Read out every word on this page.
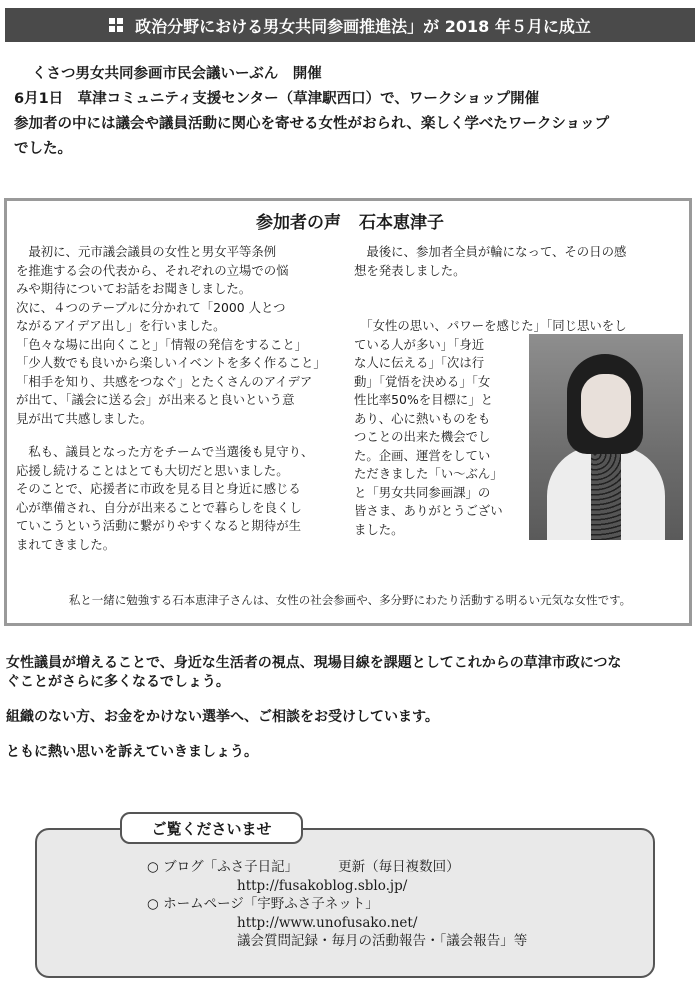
政治分野における男女共同参画推進法」が 2018 年５月に成立
くさつ男女共同参画市民会議いーぶん　開催
6月1日　草津コミュニティ支援センター（草津駅西口）で、ワークショップ開催
参加者の中には議会や議員活動に関心を寄せる女性がおられ、楽しく学べたワークショップ
でした。
参加者の声 石本恵津子

　最初に、元市議会議員の女性と男女平等条例

を推進する会の代表から、それぞれの立場での悩

みや期待についてお話をお聞きしました。

次に、４つのテーブルに分かれて「2000 人とつ

ながるアイデア出し」を行いました。

「色々な場に出向くこと」「情報の発信をすること」

「少人数でも良いから楽しいイベントを多く作ること」

「相手を知り、共感をつなぐ」とたくさんのアイデア

が出て、「議会に送る会」が出来ると良いという意

見が出て共感しました。

　私も、議員となった方をチームで当選後も見守り、

応援し続けることはとても大切だと思いました。

そのことで、応援者に市政を見る目と身近に感じる

心が準備され、自分が出来ることで暮らしを良くし

ていこうという活動に繋がりやすくなると期待が生

まれてきました。

　最後に、参加者全員が輪になって、その日の感

想を発表しました。

　「女性の思い、パワーを感じた」「同じ思いをし

ている人が多い」「身近

な人に伝える」「次は行

動」「覚悟を決める」「女

性比率50%を目標に」と

あり、心に熱いものをも

つことの出来た機会でし

た。企画、運営をしてい

ただきました「い～ぶん」

と「男女共同参画課」の

皆さま、ありがとうござい

ました。

私と一緒に勉強する石本恵津子さんは、女性の社会参画や、多分野にわたり活動する明るい元気な女性です。

女性議員が増えることで、身近な生活者の視点、現場目線を課題としてこれからの草津市政につな

ぐことがさらに多くなるでしょう。

組織のない方、お金をかけない選挙へ、ご相談をお受けしています。

ともに熱い思いを訴えていきましょう。

ご覧くださいませ
○ ブログ「ふさ子日記」	更新（毎日複数回）
http://fusakoblog.sblo.jp/
○ ホームページ「宇野ふさ子ネット」
http://www.unofusako.net/
議会質問記録・毎月の活動報告・「議会報告」等
